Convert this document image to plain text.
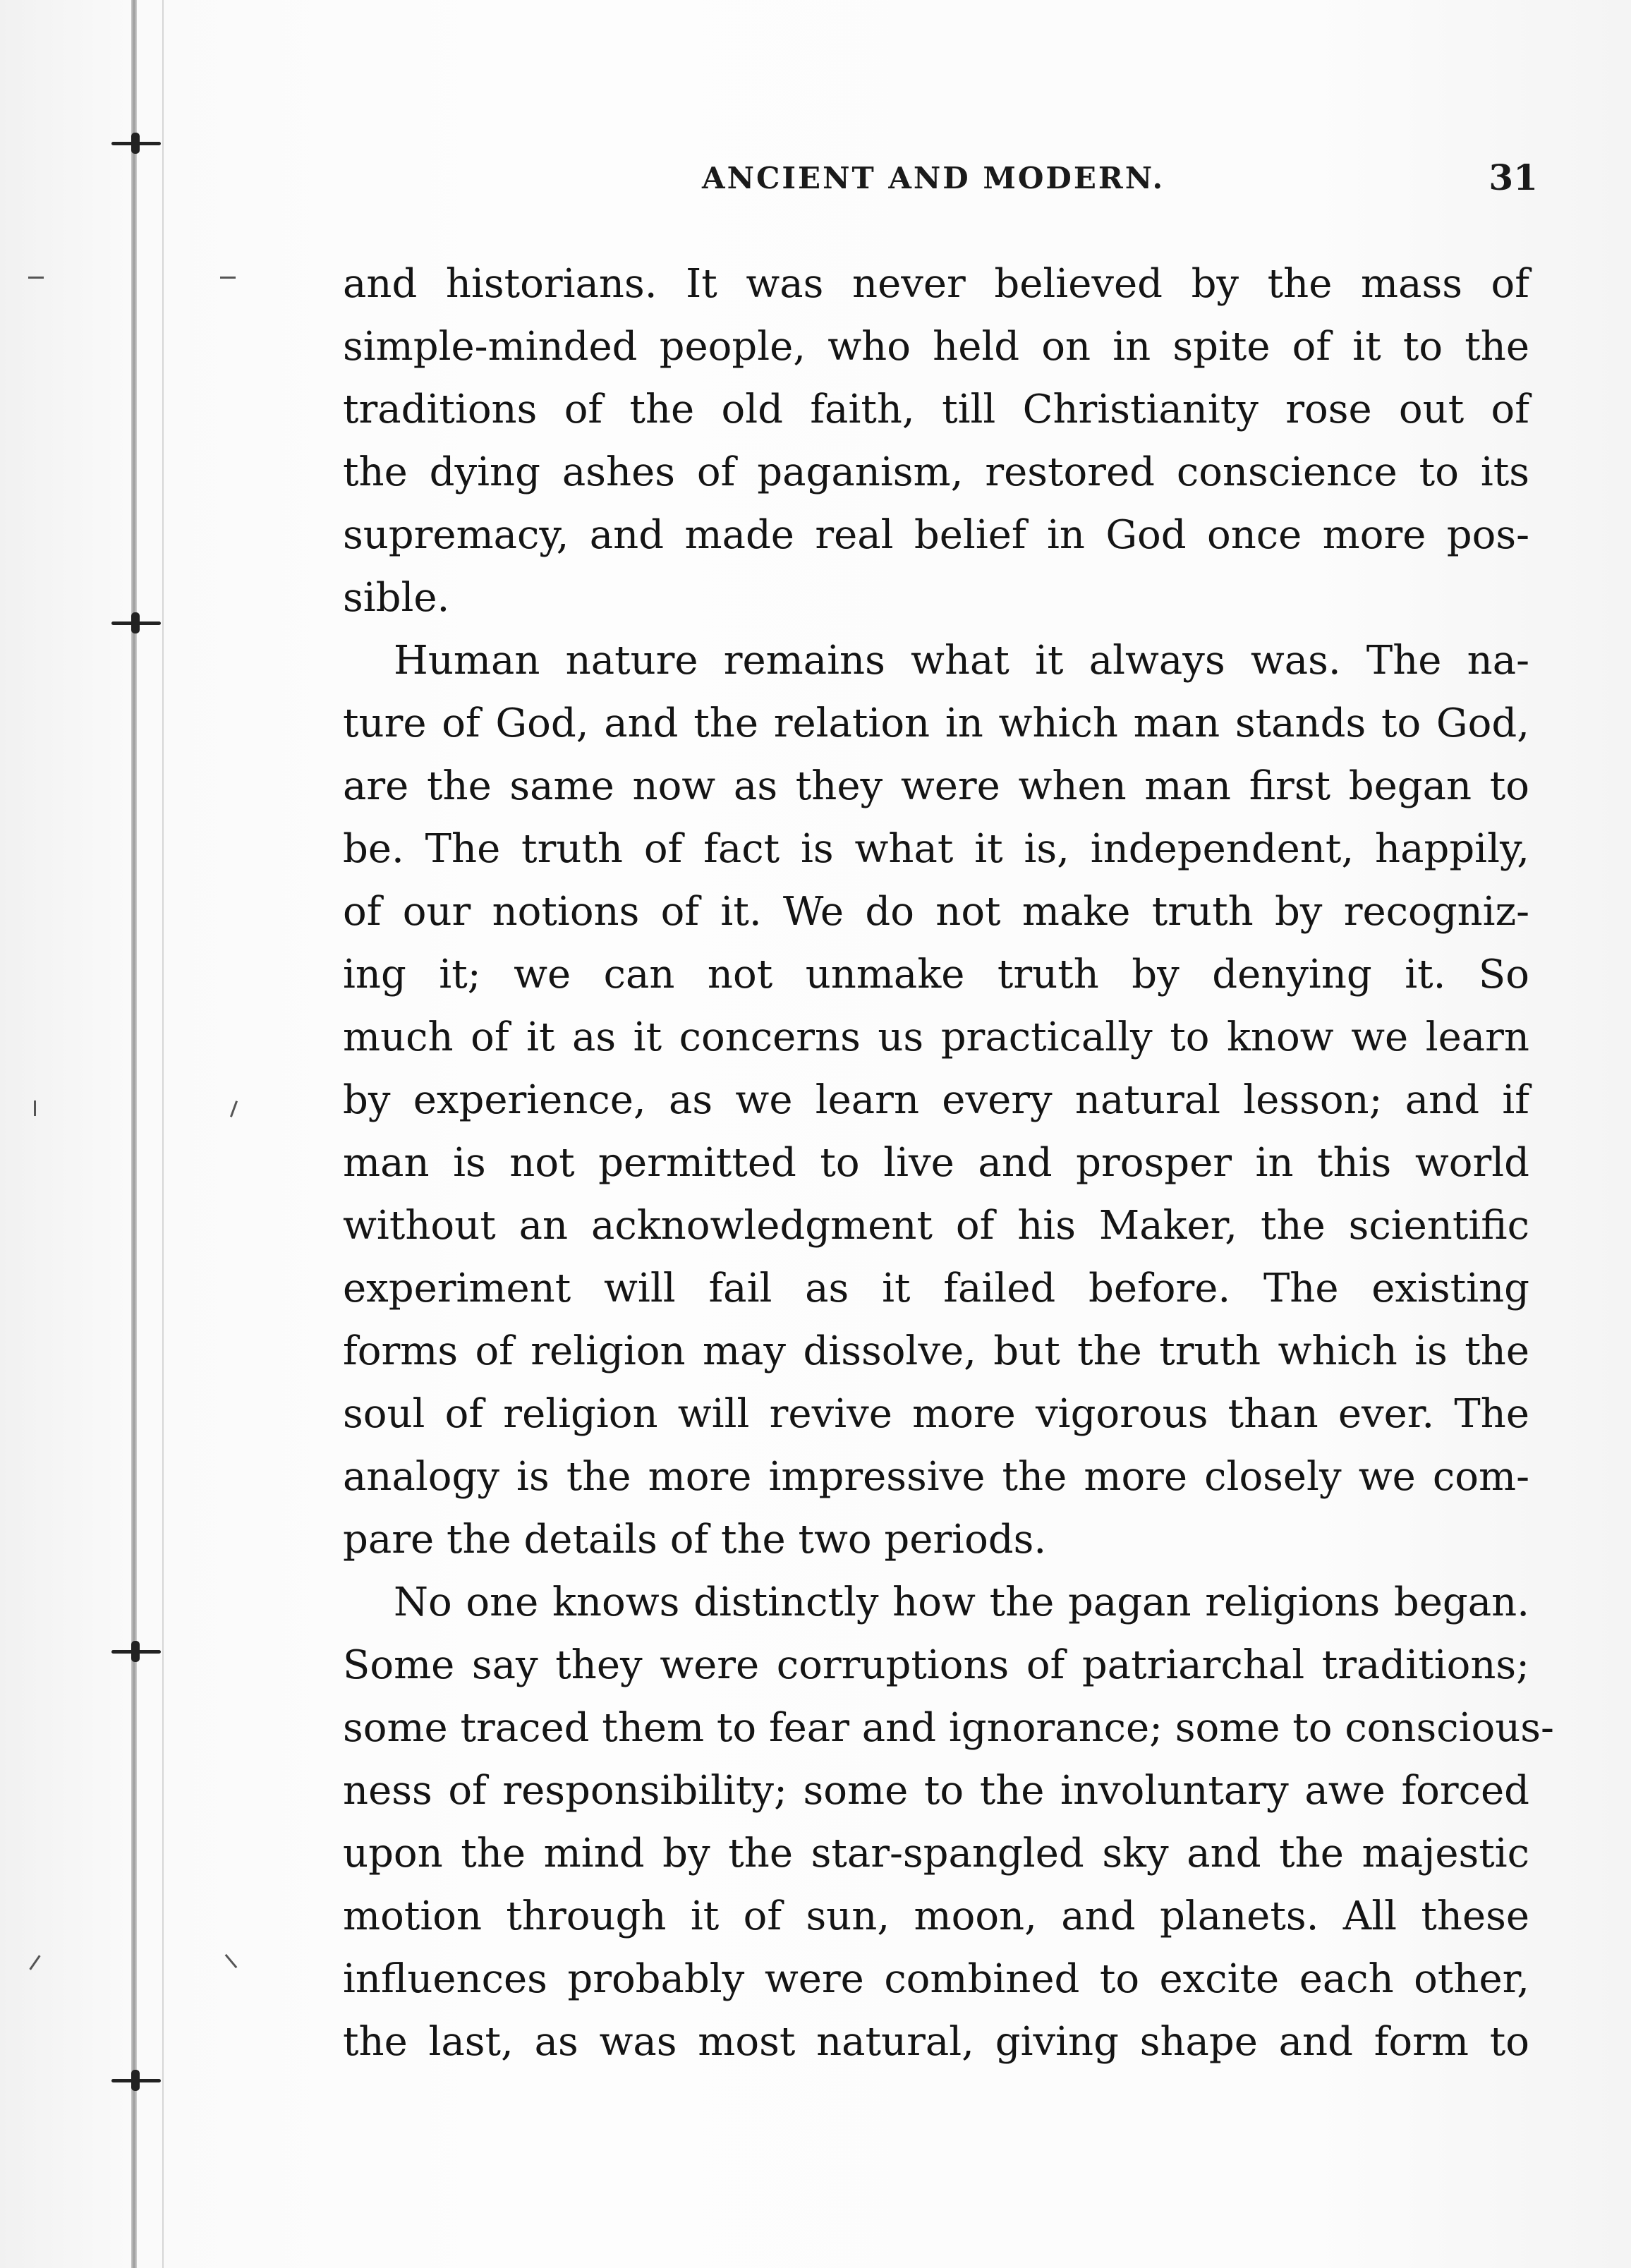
ANCIENT AND MODERN.	31

and historians. It was never believed by the mass of
simple-minded people, who held on in spite of it to the
traditions of the old faith, till Christianity rose out of
the dying ashes of paganism, restored conscience to its
supremacy, and made real belief in God once more pos-
sible.

Human nature remains what it always was. The na-
ture of God, and the relation in which man stands to God,
are the same now as they were when man first began to
be. The truth of fact is what it is, independent, happily,
of our notions of it. We do not make truth by recogniz-
ing it; we can not unmake truth by denying it. So
much of it as it concerns us practically to know we learn
by experience, as we learn every natural lesson; and if
man is not permitted to live and prosper in this world
without an acknowledgment of his Maker, the scientific
experiment will fail as it failed before. The existing
forms of religion may dissolve, but the truth which is the
soul of religion will revive more vigorous than ever. The
analogy is the more impressive the more closely we com-
pare the details of the two periods.

No one knows distinctly how the pagan religions began.
Some say they were corruptions of patriarchal traditions;
some traced them to fear and ignorance; some to conscious-
ness of responsibility; some to the involuntary awe forced
upon the mind by the star-spangled sky and the majestic
motion through it of sun, moon, and planets. All these
influences probably were combined to excite each other,
the last, as was most natural, giving shape and form to
